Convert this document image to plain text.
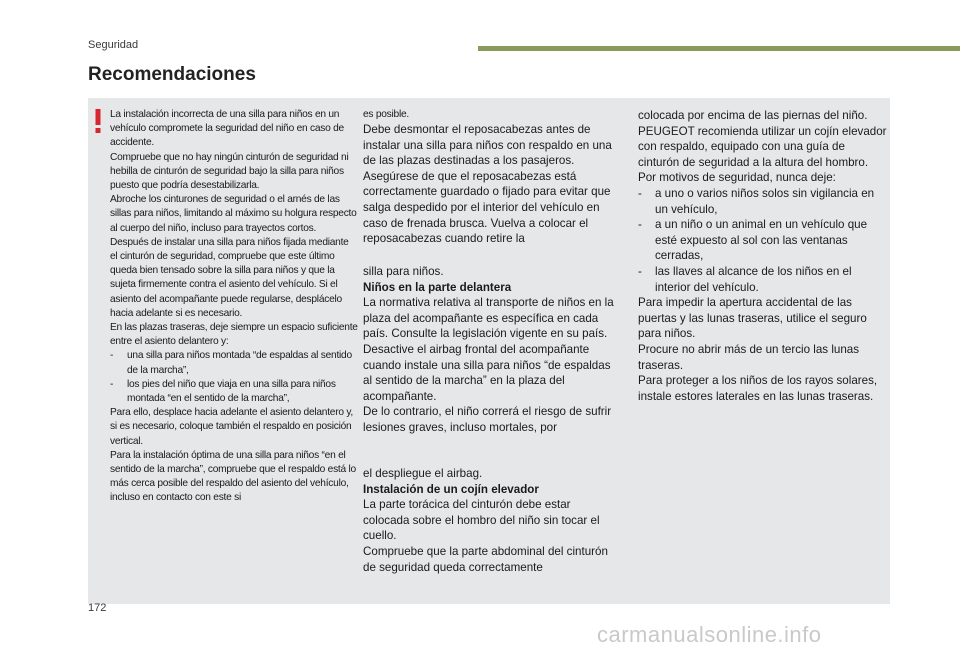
Seguridad
Recomendaciones

La instalación incorrecta de una silla para niños en un vehículo compromete la seguridad del niño en caso de accidente.

Compruebe que no hay ningún cinturón de seguridad ni hebilla de cinturón de seguridad bajo la silla para niños puesto que podría desestabilizarla.

Abroche los cinturones de seguridad o el arnés de las sillas para niños, limitando al máximo su holgura respecto al cuerpo del niño, incluso para trayectos cortos.

Después de instalar una silla para niños fijada mediante el cinturón de seguridad, compruebe que este último queda bien tensado sobre la silla para niños y que la sujeta firmemente contra el asiento del vehículo. Si el asiento del acompañante puede regularse, desplácelo hacia adelante si es necesario.

En las plazas traseras, deje siempre un espacio suficiente entre el asiento delantero y:

-	una silla para niños montada “de espaldas al sentido de la marcha”,
-	los pies del niño que viaja en una silla para niños montada “en el sentido de la marcha”,

Para ello, desplace hacia adelante el asiento delantero y, si es necesario, coloque también el respaldo en posición vertical.

Para la instalación óptima de una silla para niños “en el sentido de la marcha”, compruebe que el respaldo está lo más cerca posible del respaldo del asiento del vehículo, incluso en contacto con este si

es posible.

Debe desmontar el reposacabezas antes de instalar una silla para niños con respaldo en una de las plazas destinadas a los pasajeros. Asegúrese de que el reposacabezas está correctamente guardado o fijado para evitar que salga despedido por el interior del vehículo en caso de frenada brusca. Vuelva a colocar el reposacabezas cuando retire la

silla para niños.

Niños en la parte delantera

La normativa relativa al transporte de niños en la plaza del acompañante es específica en cada país. Consulte la legislación vigente en su país.

Desactive el airbag frontal del acompañante cuando instale una silla para niños “de espaldas al sentido de la marcha” en la plaza del acompañante.

De lo contrario, el niño correrá el riesgo de sufrir lesiones graves, incluso mortales, por

el despliegue el airbag.

Instalación de un cojín elevador

La parte torácica del cinturón debe estar colocada sobre el hombro del niño sin tocar el cuello.

Compruebe que la parte abdominal del cinturón de seguridad queda correctamente

colocada por encima de las piernas del niño.

PEUGEOT recomienda utilizar un cojín elevador con respaldo, equipado con una guía de cinturón de seguridad a la altura del hombro.

Por motivos de seguridad, nunca deje:

-	a uno o varios niños solos sin vigilancia en un vehículo,
-	a un niño o un animal en un vehículo que esté expuesto al sol con las ventanas cerradas,
-	las llaves al alcance de los niños en el interior del vehículo.

Para impedir la apertura accidental de las puertas y las lunas traseras, utilice el seguro para niños.

Procure no abrir más de un tercio las lunas traseras.

Para proteger a los niños de los rayos solares, instale estores laterales en las lunas traseras.

172
carmanualsonline.info
